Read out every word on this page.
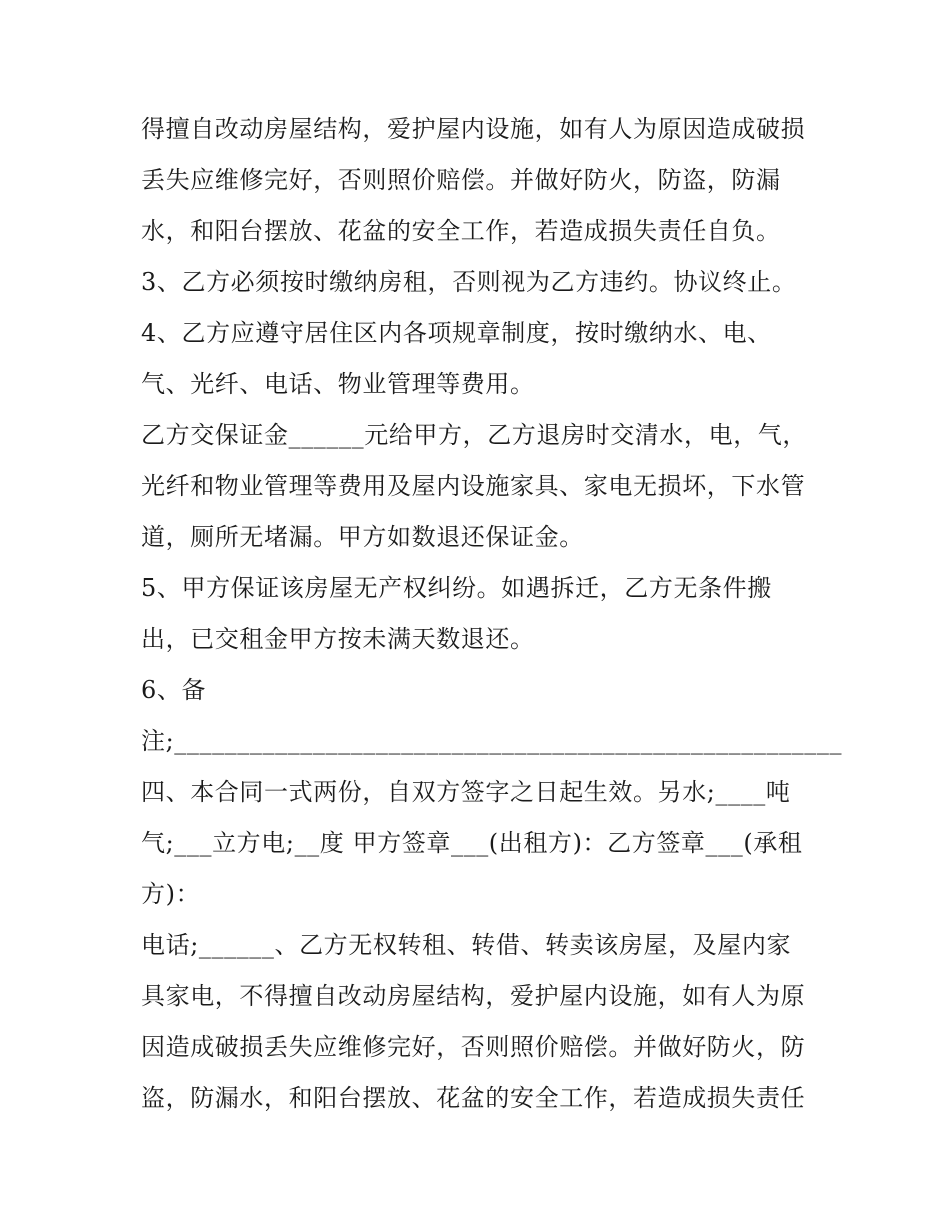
得擅自改动房屋结构，爱护屋内设施，如有人为原因造成破损

丢失应维修完好，否则照价赔偿。并做好防火，防盗，防漏

水，和阳台摆放、花盆的安全工作，若造成损失责任自负。

3、乙方必须按时缴纳房租，否则视为乙方违约。协议终止。

4、乙方应遵守居住区内各项规章制度，按时缴纳水、电、

气、光纤、电话、物业管理等费用。

乙方交保证金______元给甲方，乙方退房时交清水，电，气，

光纤和物业管理等费用及屋内设施家具、家电无损坏，下水管

道，厕所无堵漏。甲方如数退还保证金。

5、甲方保证该房屋无产权纠纷。如遇拆迁，乙方无条件搬

出，已交租金甲方按未满天数退还。

6、备

注;_____________________________________________________

四、本合同一式两份，自双方签字之日起生效。另水;____吨

气;___立方电;__度 甲方签章___(出租方)：乙方签章___(承租

方)：

电话;______、乙方无权转租、转借、转卖该房屋，及屋内家

具家电，不得擅自改动房屋结构，爱护屋内设施，如有人为原

因造成破损丢失应维修完好，否则照价赔偿。并做好防火，防

盗，防漏水，和阳台摆放、花盆的安全工作，若造成损失责任
